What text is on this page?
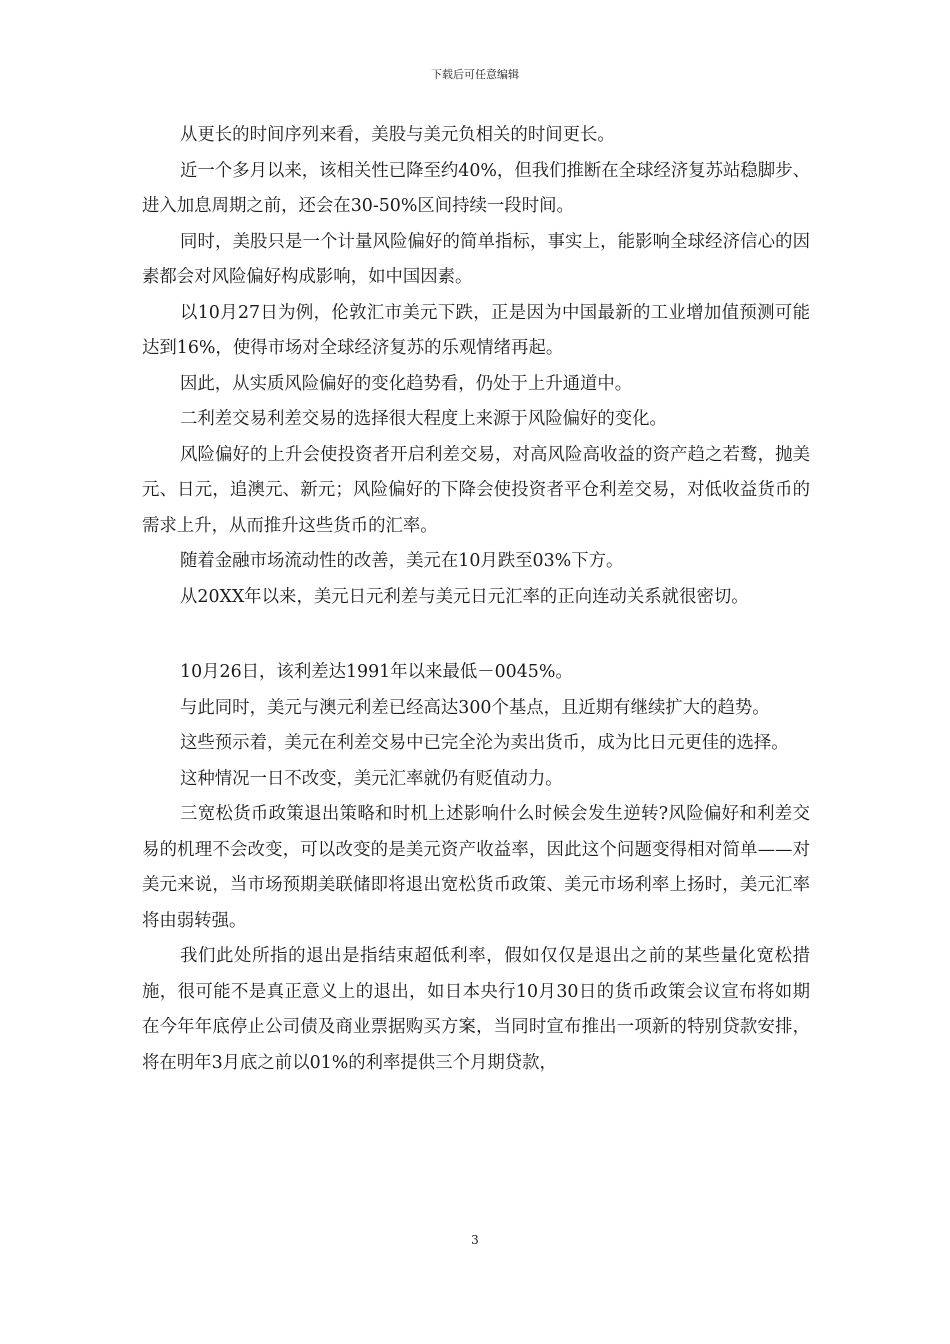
下载后可任意编辑

从更长的时间序列来看，美股与美元负相关的时间更长。

近一个多月以来，该相关性已降至约40%，但我们推断在全球经济复苏站稳脚步、进入加息周期之前，还会在30-50%区间持续一段时间。

同时，美股只是一个计量风险偏好的简单指标，事实上，能影响全球经济信心的因素都会对风险偏好构成影响，如中国因素。

以10月27日为例，伦敦汇市美元下跌，正是因为中国最新的工业增加值预测可能达到16%，使得市场对全球经济复苏的乐观情绪再起。

因此，从实质风险偏好的变化趋势看，仍处于上升通道中。

二利差交易利差交易的选择很大程度上来源于风险偏好的变化。

风险偏好的上升会使投资者开启利差交易，对高风险高收益的资产趋之若鹜，抛美元、日元，追澳元、新元；风险偏好的下降会使投资者平仓利差交易，对低收益货币的需求上升，从而推升这些货币的汇率。

随着金融市场流动性的改善，美元在10月跌至03%下方。

从20XX年以来，美元日元利差与美元日元汇率的正向连动关系就很密切。

10月26日，该利差达1991年以来最低－0045%。

与此同时，美元与澳元利差已经高达300个基点，且近期有继续扩大的趋势。

这些预示着，美元在利差交易中已完全沦为卖出货币，成为比日元更佳的选择。

这种情况一日不改变，美元汇率就仍有贬值动力。

三宽松货币政策退出策略和时机上述影响什么时候会发生逆转?风险偏好和利差交易的机理不会改变，可以改变的是美元资产收益率，因此这个问题变得相对简单——对美元来说，当市场预期美联储即将退出宽松货币政策、美元市场利率上扬时，美元汇率将由弱转强。

我们此处所指的退出是指结束超低利率，假如仅仅是退出之前的某些量化宽松措施，很可能不是真正意义上的退出，如日本央行10月30日的货币政策会议宣布将如期在今年年底停止公司债及商业票据购买方案，当同时宣布推出一项新的特别贷款安排，将在明年3月底之前以01%的利率提供三个月期贷款，

3
